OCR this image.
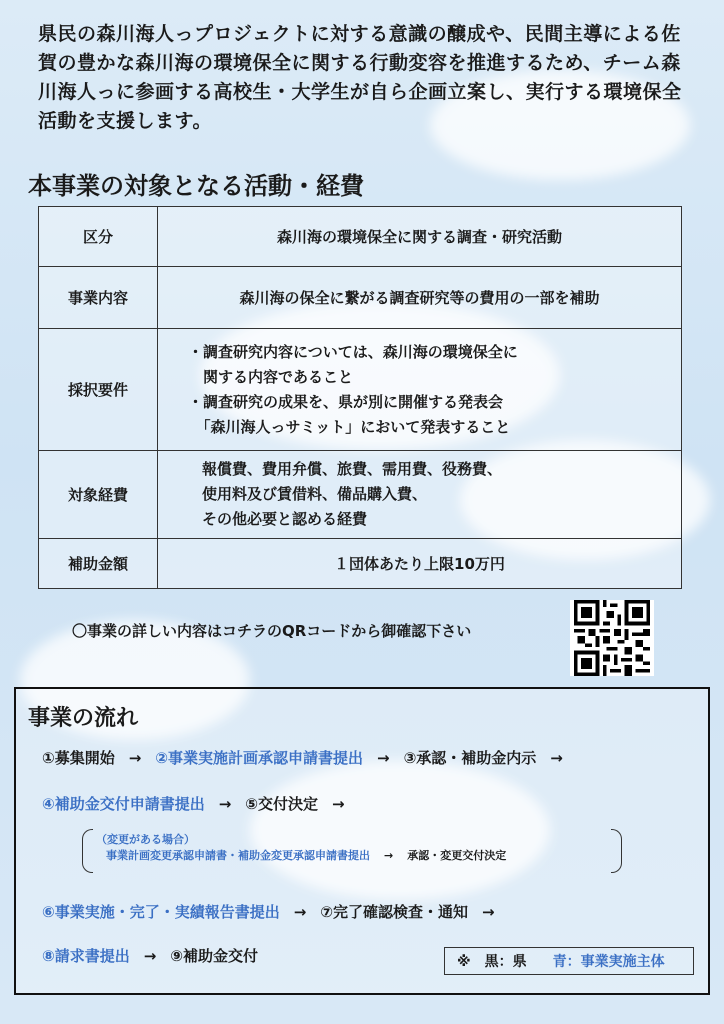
県民の森川海人っプロジェクトに対する意識の醸成や、民間主導による佐賀の豊かな森川海の環境保全に関する行動変容を推進するため、チーム森川海人っに参画する高校生・大学生が自ら企画立案し、実行する環境保全活動を支援します。
本事業の対象となる活動・経費
区分	森川海の環境保全に関する調査・研究活動
事業内容	森川海の保全に繋がる調査研究等の費用の一部を補助
採択要件	・調査研究内容については、森川海の環境保全に
　関する内容であること
・調査研究の成果を、県が別に開催する発表会
　「森川海人っサミット」において発表すること

対象経費	報償費、費用弁償、旅費、需用費、役務費、
使用料及び賃借料、備品購入費、
その他必要と認める経費

補助金額	１団体あたり上限10万円
〇事業の詳しい内容はコチラのQRコードから御確認下さい
事業の流れ
①募集開始 → ②事業実施計画承認申請書提出 → ③承認・補助金内示 →
④補助金交付申請書提出 → ⑤交付決定 →
（変更がある場合）
事業計画変更承認申請書・補助金変更承認申請書提出 → 承認・変更交付決定
⑥事業実施・完了・実績報告書提出 → ⑦完了確認検査・通知 →
⑧請求書提出 → ⑨補助金交付	※　黒：県 青：事業実施主体
